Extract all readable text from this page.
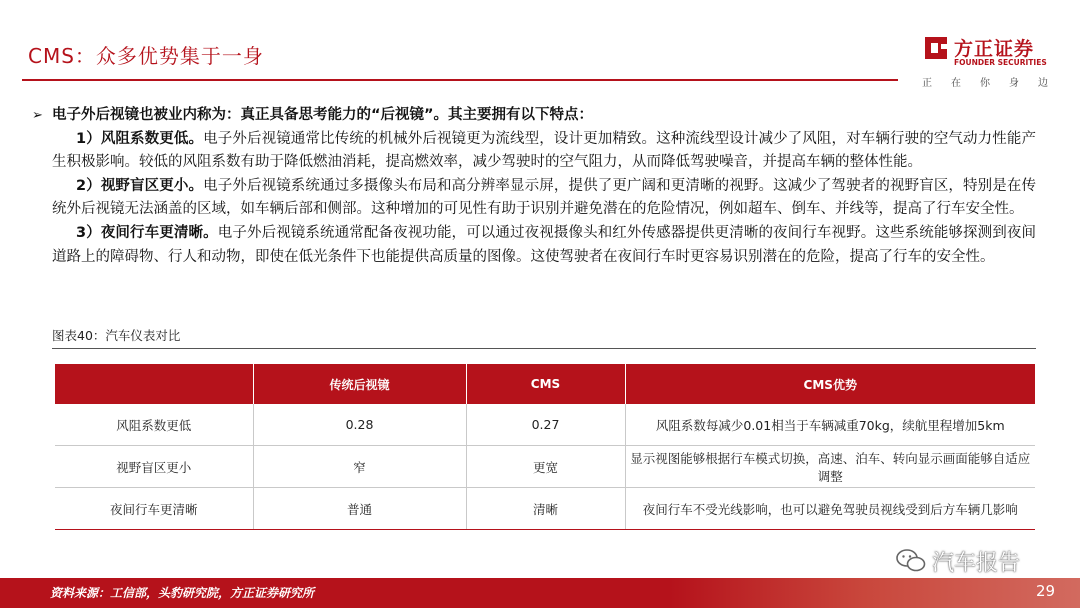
CMS：众多优势集于一身	方正证券
FOUNDER SECURITIES
正 在 你 身 边

➢ 电子外后视镜也被业内称为：真正具备思考能力的“后视镜”。其主要拥有以下特点：

1）风阻系数更低。电子外后视镜通常比传统的机械外后视镜更为流线型，设计更加精致。这种流线型设计减少了风阻，对车辆行驶的空气动力性能产生积极影响。较低的风阻系数有助于降低燃油消耗，提高燃效率，减少驾驶时的空气阻力，从而降低驾驶噪音，并提高车辆的整体性能。

2）视野盲区更小。电子外后视镜系统通过多摄像头布局和高分辨率显示屏，提供了更广阔和更清晰的视野。这减少了驾驶者的视野盲区，特别是在传统外后视镜无法涵盖的区域，如车辆后部和侧部。这种增加的可见性有助于识别并避免潜在的危险情况，例如超车、倒车、并线等，提高了行车安全性。

3）夜间行车更清晰。电子外后视镜系统通常配备夜视功能，可以通过夜视摄像头和红外传感器提供更清晰的夜间行车视野。这些系统能够探测到夜间道路上的障碍物、行人和动物，即使在低光条件下也能提供高质量的图像。这使驾驶者在夜间行车时更容易识别潜在的危险，提高了行车的安全性。

图表40：汽车仪表对比
	传统后视镜	CMS	CMS优势
风阻系数更低	0.28	0.27	风阻系数每减少0.01相当于车辆减重70kg，续航里程增加5km
视野盲区更小	窄	更宽	显示视图能够根据行车模式切换，高速、泊车、转向显示画面能够自适应调整
夜间行车更清晰	普通	清晰	夜间行车不受光线影响，也可以避免驾驶员视线受到后方车辆几影响
汽车报告
资料来源：工信部，头豹研究院，方正证券研究所	29
